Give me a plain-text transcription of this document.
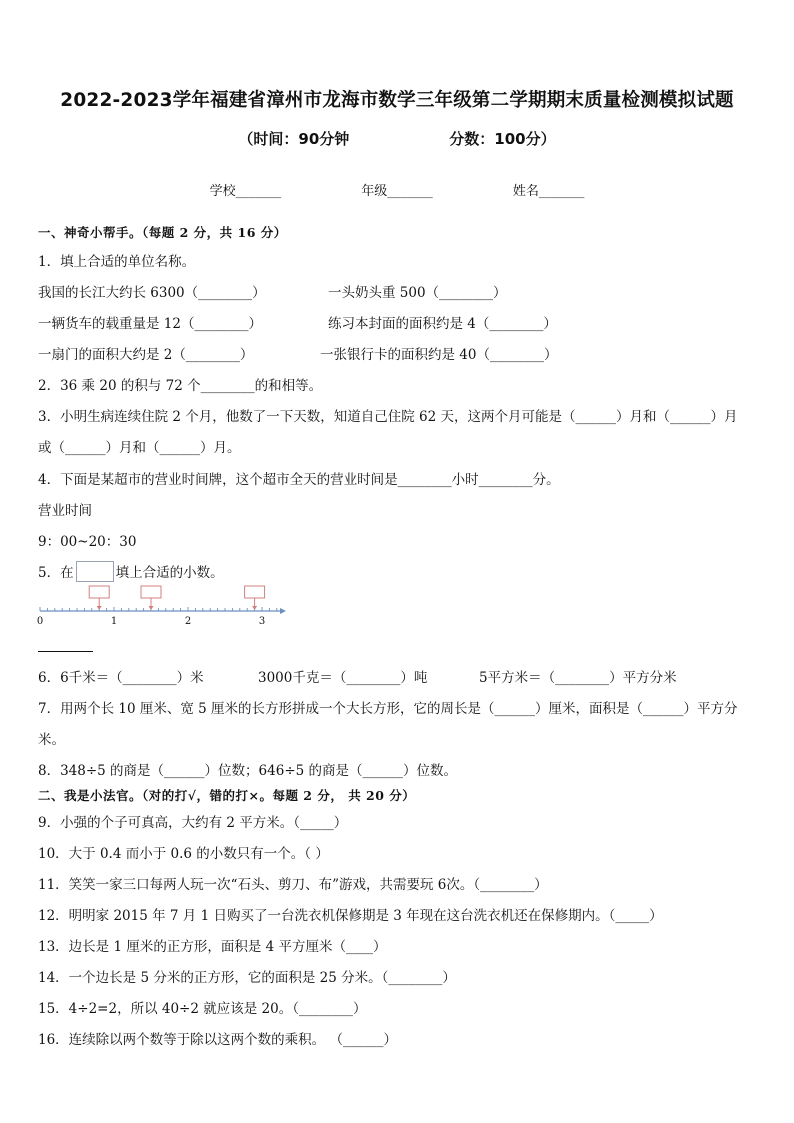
2022-2023学年福建省漳州市龙海市数学三年级第二学期期末质量检测模拟试题
（时间：90分钟	分数：100分）
学校_______	年级_______	姓名_______
一、神奇小帮手。（每题 2 分，共 16 分）
1．填上合适的单位名称。
我国的长江大约长 6300（________）	一头奶头重 500（________）
一辆货车的载重量是 12（________）	练习本封面的面积约是 4（________）
一扇门的面积大约是 2（________）	一张银行卡的面积约是 40（________）
2．36 乘 20 的积与 72 个________的和相等。
3．小明生病连续住院 2 个月，他数了一下天数，知道自己住院 62 天，这两个月可能是（______）月和（______）月
或（______）月和（______）月。
4．下面是某超市的营业时间牌，这个超市全天的营业时间是________小时________分。
营业时间
9：00~20：30
5．在	填上合适的小数。
0	1	2	3
6．6千米＝（________）米	3000千克＝（________）吨	5平方米＝（________）平方分米
7．用两个长 10 厘米、宽 5 厘米的长方形拼成一个大长方形，它的周长是（______）厘米，面积是（______）平方分
米。
8．348÷5 的商是（______）位数；646÷5 的商是（______）位数。
二、我是小法官。（对的打√，错的打×。每题 2 分， 共 20 分）
9．小强的个子可真高，大约有 2 平方米。（_____）
10．大于 0.4 而小于 0.6 的小数只有一个。（ ）
11．笑笑一家三口每两人玩一次“石头、剪刀、布”游戏，共需要玩 6次。（________）
12．明明家 2015 年 7 月 1 日购买了一台洗衣机保修期是 3 年现在这台洗衣机还在保修期内。（_____）
13．边长是 1 厘米的正方形，面积是 4 平方厘米（____）
14．一个边长是 5 分米的正方形，它的面积是 25 分米。（________）
15．4÷2=2，所以 40÷2 就应该是 20。（________）
16．连续除以两个数等于除以这两个数的乘积。 （______）
